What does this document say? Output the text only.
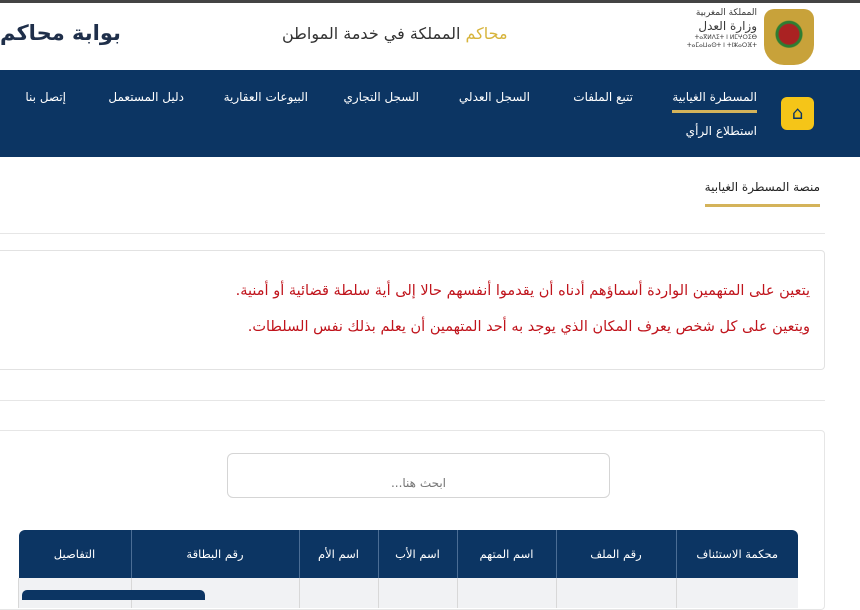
بوابة محاكم	محاكم المملكة في خدمة المواطن
المملكة المغربية
وزارة العدل
ⵜⴰⴳⵍⴷⵉⵜ ⵏ ⵍⵎⵖⵔⵉⴱ
ⵜⴰⵎⴰⵡⴰⵙⵜ ⵏ ⵜⵏⵣⴰⵔⴼⵜ
المسطرة الغيابية
تتبع الملفات
السجل العدلي
السجل التجاري
البيوعات العقارية
دليل المستعمل
إتصل بنا
استطلاع الرأي
⌂
منصة المسطرة الغيابية
يتعين على المتهمين الواردة أسماؤهم أدناه أن يقدموا أنفسهم حالا إلى أية سلطة قضائية أو أمنية.
ويتعين على كل شخص يعرف المكان الذي يوجد به أحد المتهمين أن يعلم بذلك نفس السلطات.
ابحث هنا...
محكمة الاستئناف	رقم الملف	اسم المتهم	اسم الأب	اسم الأم	رقم البطاقة	التفاصيل
